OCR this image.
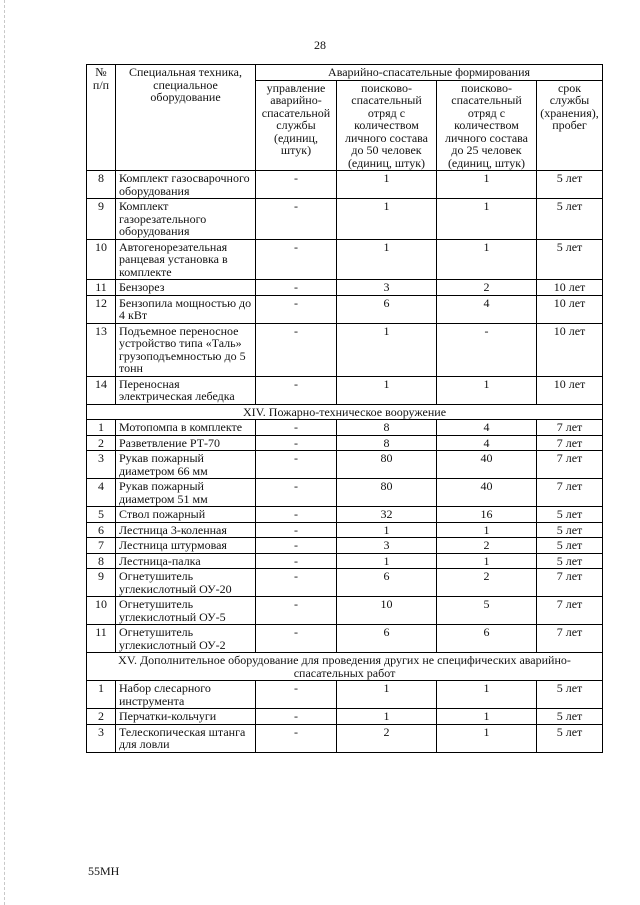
28
№ п/п	Специальная техника, специальное оборудование	Аварийно-спасательные формирования			
		управление аварийно-спасательной службы (единиц, штук)	поисково-спасательный отряд с количеством личного состава до 50 человек (единиц, штук)	поисково-спасательный отряд с количеством личного состава до 25 человек (единиц, штук)	срок службы (хранения), пробег
8	Комплект газосварочного оборудования	-	1	1	5 лет
9	Комплект газорезательного оборудования	-	1	1	5 лет
10	Автогенорезательная ранцевая установка в комплекте	-	1	1	5 лет
11	Бензорез	-	3	2	10 лет
12	Бензопила мощностью до 4 кВт	-	6	4	10 лет
13	Подъемное переносное устройство типа «Таль» грузоподъемностью до 5 тонн	-	1	-	10 лет
14	Переносная электрическая лебедка	-	1	1	10 лет
XIV. Пожарно-техническое вооружение					
1	Мотопомпа в комплекте	-	8	4	7 лет
2	Разветвление РТ-70	-	8	4	7 лет
3	Рукав пожарный диаметром 66 мм	-	80	40	7 лет
4	Рукав пожарный диаметром 51 мм	-	80	40	7 лет
5	Ствол пожарный	-	32	16	5 лет
6	Лестница 3-коленная	-	1	1	5 лет
7	Лестница штурмовая	-	3	2	5 лет
8	Лестница-палка	-	1	1	5 лет
9	Огнетушитель углекислотный ОУ-20	-	6	2	7 лет
10	Огнетушитель углекислотный ОУ-5	-	10	5	7 лет
11	Огнетушитель углекислотный ОУ-2	-	6	6	7 лет
XV. Дополнительное оборудование для проведения других не специфических аварийно-спасательных работ					
1	Набор слесарного инструмента	-	1	1	5 лет
2	Перчатки-кольчуги	-	1	1	5 лет
3	Телескопическая штанга для ловли	-	2	1	5 лет
55МН
